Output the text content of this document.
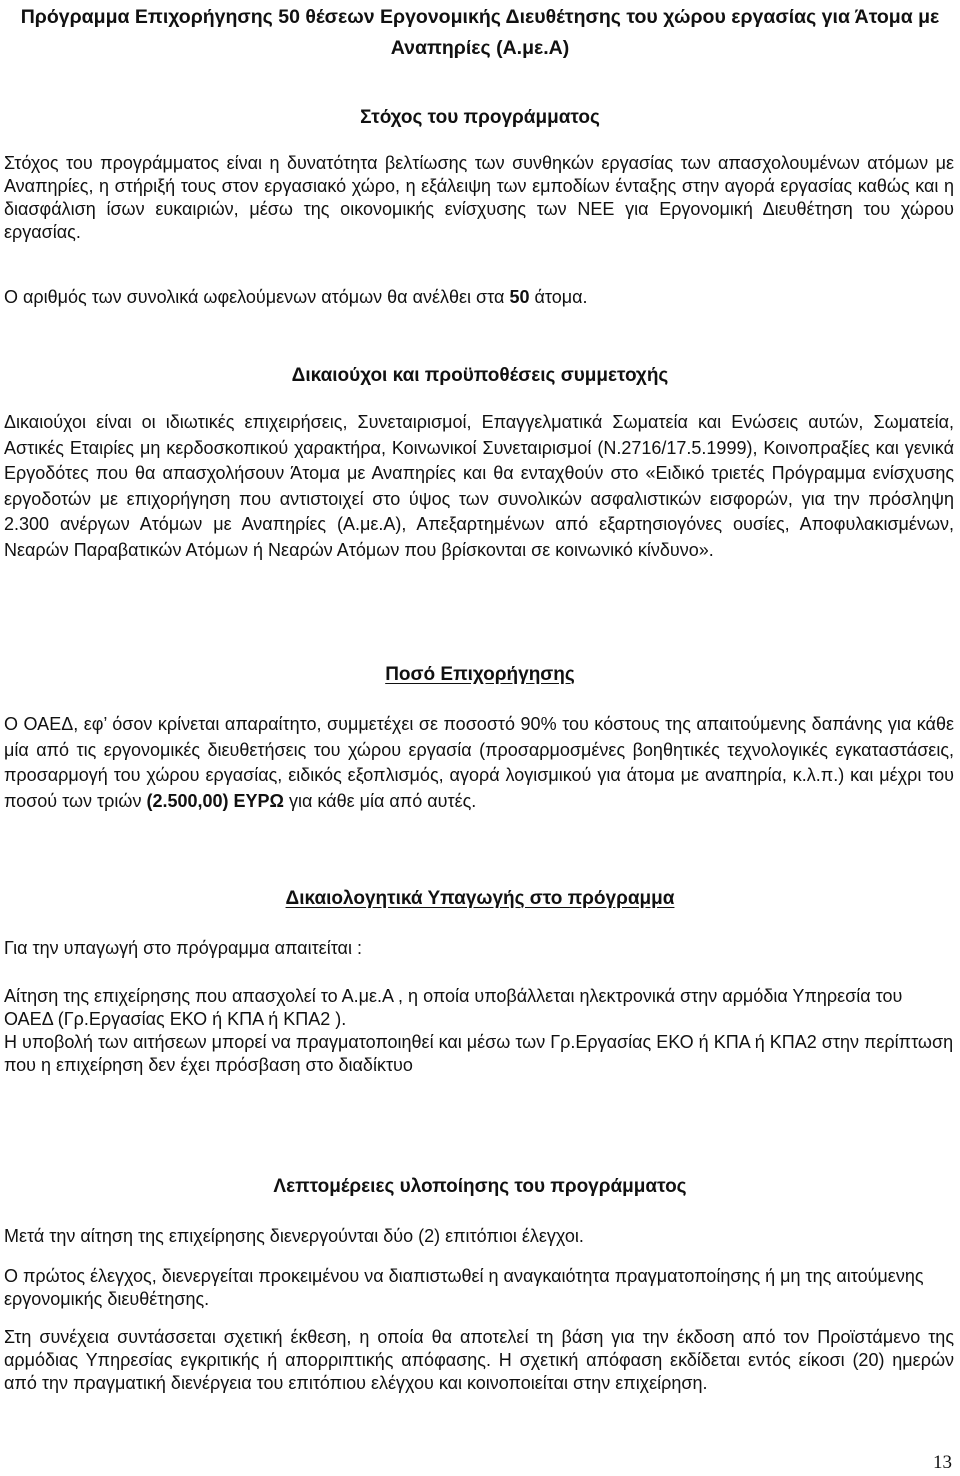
Πρόγραμμα Επιχορήγησης 50 θέσεων Εργονομικής Διευθέτησης του χώρου εργασίας για Άτομα με Αναπηρίες (Α.με.Α)
Στόχος του προγράμματος

Στόχος του προγράμματος είναι η δυνατότητα βελτίωσης των συνθηκών εργασίας των απασχολουμένων ατόμων με Αναπηρίες, η στήριξή τους στον εργασιακό χώρο, η εξάλειψη των εμποδίων ένταξης στην αγορά εργασίας καθώς και η διασφάλιση ίσων ευκαιριών, μέσω της οικονομικής ενίσχυσης των ΝΕΕ για Εργονομική Διευθέτηση του χώρου εργασίας.

Ο αριθμός των συνολικά ωφελούμενων ατόμων θα ανέλθει στα 50 άτομα.

Δικαιούχοι και προϋποθέσεις συμμετοχής

Δικαιούχοι είναι οι ιδιωτικές επιχειρήσεις, Συνεταιρισμοί, Επαγγελματικά Σωματεία και Ενώσεις αυτών, Σωματεία, Αστικές Εταιρίες μη κερδοσκοπικού χαρακτήρα, Κοινωνικοί Συνεταιρισμοί (Ν.2716/17.5.1999), Κοινοπραξίες και γενικά Εργοδότες που θα απασχολήσουν Άτομα με Αναπηρίες και θα ενταχθούν στο «Ειδικό τριετές Πρόγραμμα ενίσχυσης εργοδοτών με επιχορήγηση που αντιστοιχεί στο ύψος των συνολικών ασφαλιστικών εισφορών, για την πρόσληψη 2.300 ανέργων Ατόμων με Αναπηρίες (Α.με.Α), Απεξαρτημένων από εξαρτησιογόνες ουσίες, Αποφυλακισμένων, Νεαρών Παραβατικών Ατόμων ή Νεαρών Ατόμων που βρίσκονται σε κοινωνικό κίνδυνο».

Ποσό Επιχορήγησης

Ο ΟΑΕΔ, εφ’ όσον κρίνεται απαραίτητο, συμμετέχει σε ποσοστό 90% του κόστους της απαιτούμενης δαπάνης για κάθε μία από τις εργονομικές διευθετήσεις του χώρου εργασία (προσαρμοσμένες βοηθητικές τεχνολογικές εγκαταστάσεις, προσαρμογή του χώρου εργασίας, ειδικός εξοπλισμός, αγορά λογισμικού για άτομα με αναπηρία, κ.λ.π.) και μέχρι του ποσού των τριών (2.500,00) ΕΥΡΩ για κάθε μία από αυτές.

Δικαιολογητικά Υπαγωγής στο πρόγραμμα

Για την υπαγωγή στο πρόγραμμα απαιτείται :

Αίτηση της επιχείρησης που απασχολεί το Α.με.Α , η οποία υποβάλλεται ηλεκτρονικά στην αρμόδια Υπηρεσία του ΟΑΕΔ (Γρ.Εργασίας ΕΚΟ ή ΚΠΑ ή ΚΠΑ2 ).

Η υποβολή των αιτήσεων μπορεί να πραγματοποιηθεί και μέσω των Γρ.Εργασίας ΕΚΟ ή ΚΠΑ ή ΚΠΑ2 στην περίπτωση που η επιχείρηση δεν έχει πρόσβαση στο διαδίκτυο

Λεπτομέρειες υλοποίησης του προγράμματος

Μετά την αίτηση της επιχείρησης διενεργούνται δύο (2) επιτόπιοι έλεγχοι.

Ο πρώτος έλεγχος, διενεργείται προκειμένου να διαπιστωθεί η αναγκαιότητα πραγματοποίησης ή μη της αιτούμενης εργονομικής διευθέτησης.

Στη συνέχεια συντάσσεται σχετική έκθεση, η οποία θα αποτελεί τη βάση για την έκδοση από τον Προϊστάμενο της αρμόδιας Υπηρεσίας εγκριτικής ή απορριπτικής απόφασης. Η σχετική απόφαση εκδίδεται εντός είκοσι (20) ημερών από την πραγματική διενέργεια του επιτόπιου ελέγχου και κοινοποιείται στην επιχείρηση.

13
